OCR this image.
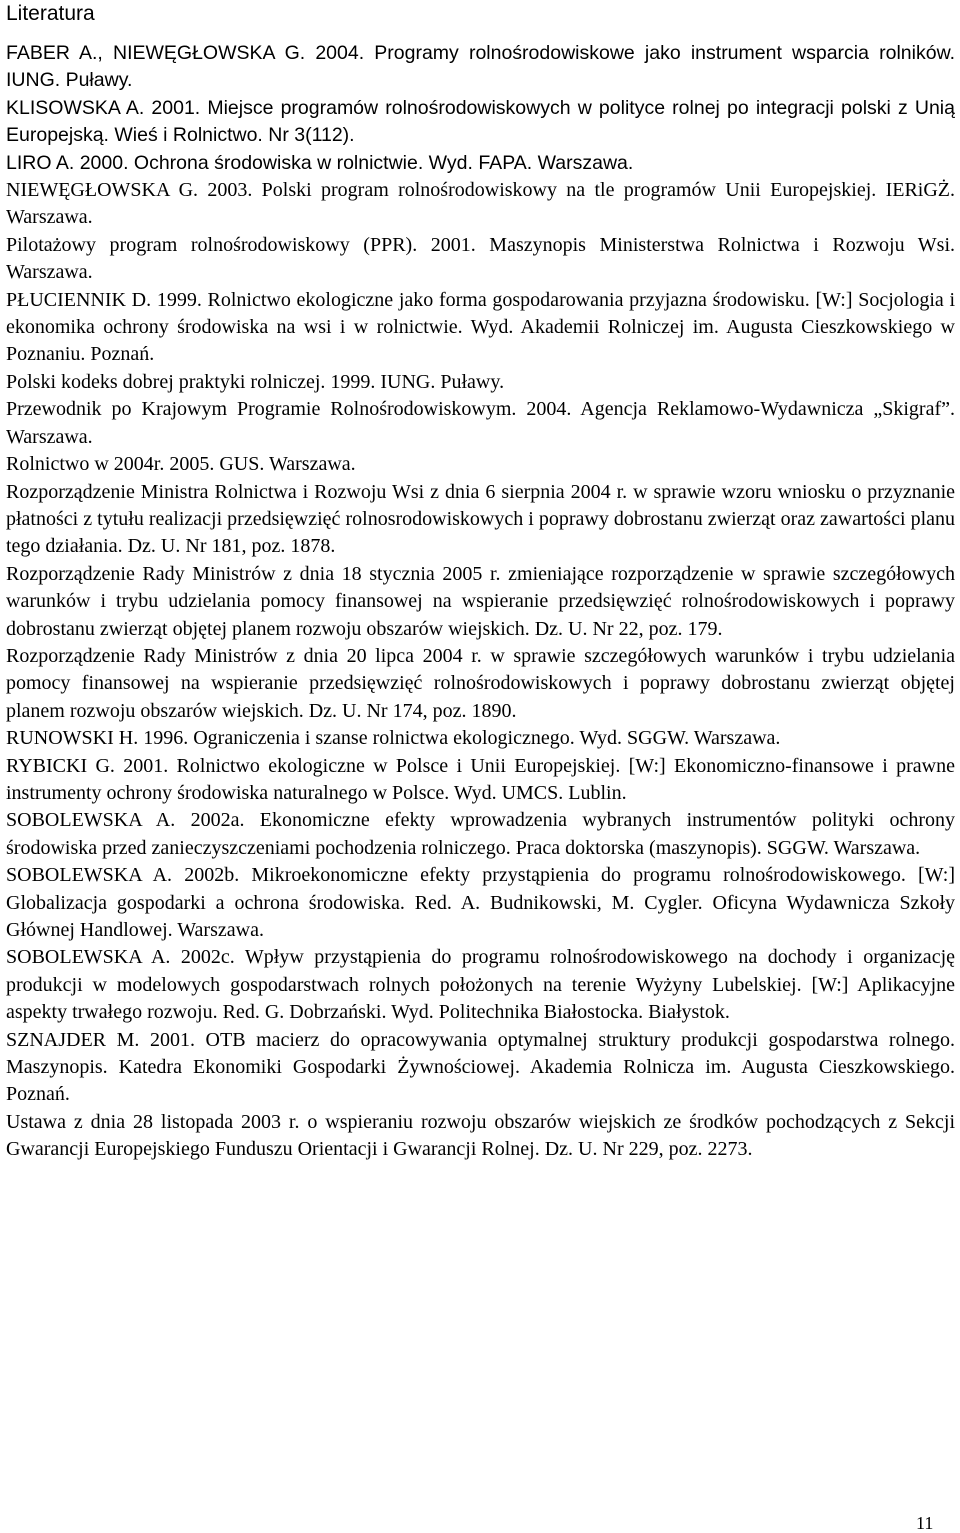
Literatura
FABER A., NIEWĘGŁOWSKA G. 2004. Programy rolnośrodowiskowe jako instrument wsparcia rolników. IUNG. Puławy.
KLISOWSKA A. 2001. Miejsce programów rolnośrodowiskowych w polityce rolnej po integracji polski z Unią Europejską. Wieś i Rolnictwo. Nr 3(112).
LIRO A. 2000. Ochrona środowiska w rolnictwie. Wyd. FAPA. Warszawa.
NIEWĘGŁOWSKA G. 2003. Polski program rolnośrodowiskowy na tle programów Unii Europejskiej. IERiGŻ. Warszawa.
Pilotażowy program rolnośrodowiskowy (PPR). 2001. Maszynopis Ministerstwa Rolnictwa i Rozwoju Wsi. Warszawa.
PŁUCIENNIK D. 1999. Rolnictwo ekologiczne jako forma gospodarowania przyjazna środowisku. [W:] Socjologia i ekonomika ochrony środowiska na wsi i w rolnictwie. Wyd. Akademii Rolniczej im. Augusta Cieszkowskiego w Poznaniu. Poznań.
Polski kodeks dobrej praktyki rolniczej. 1999. IUNG. Puławy.
Przewodnik po Krajowym Programie Rolnośrodowiskowym. 2004. Agencja Reklamowo-Wydawnicza „Skigraf”. Warszawa.
Rolnictwo w 2004r. 2005. GUS. Warszawa.
Rozporządzenie Ministra Rolnictwa i Rozwoju Wsi z dnia 6 sierpnia 2004 r. w sprawie wzoru wniosku o przyznanie płatności z tytułu realizacji przedsięwzięć rolnosrodowiskowych i poprawy dobrostanu zwierząt oraz zawartości planu tego działania. Dz. U. Nr 181, poz. 1878.
Rozporządzenie Rady Ministrów z dnia 18 stycznia 2005 r. zmieniające rozporządzenie w sprawie szczegółowych warunków i trybu udzielania pomocy finansowej na wspieranie przedsięwzięć rolnośrodowiskowych i poprawy dobrostanu zwierząt objętej planem rozwoju obszarów wiejskich. Dz. U. Nr 22, poz. 179.
Rozporządzenie Rady Ministrów z dnia 20 lipca 2004 r. w sprawie szczegółowych warunków i trybu udzielania pomocy finansowej na wspieranie przedsięwzięć rolnośrodowiskowych i poprawy dobrostanu zwierząt objętej planem rozwoju obszarów wiejskich. Dz. U. Nr 174, poz. 1890.
RUNOWSKI H. 1996. Ograniczenia i szanse rolnictwa ekologicznego. Wyd. SGGW. Warszawa.
RYBICKI G. 2001. Rolnictwo ekologiczne w Polsce i Unii Europejskiej. [W:] Ekonomiczno-finansowe i prawne instrumenty ochrony środowiska naturalnego w Polsce. Wyd. UMCS. Lublin.
SOBOLEWSKA A. 2002a. Ekonomiczne efekty wprowadzenia wybranych instrumentów polityki ochrony środowiska przed zanieczyszczeniami pochodzenia rolniczego. Praca doktorska (maszynopis). SGGW. Warszawa.
SOBOLEWSKA A. 2002b. Mikroekonomiczne efekty przystąpienia do programu rolnośrodowiskowego. [W:] Globalizacja gospodarki a ochrona środowiska. Red. A. Budnikowski, M. Cygler. Oficyna Wydawnicza Szkoły Głównej Handlowej. Warszawa.
SOBOLEWSKA A. 2002c. Wpływ przystąpienia do programu rolnośrodowiskowego na dochody i organizację produkcji w modelowych gospodarstwach rolnych położonych na terenie Wyżyny Lubelskiej. [W:] Aplikacyjne aspekty trwałego rozwoju. Red. G. Dobrzański. Wyd. Politechnika Białostocka. Białystok.
SZNAJDER M. 2001. OTB macierz do opracowywania optymalnej struktury produkcji gospodarstwa rolnego. Maszynopis. Katedra Ekonomiki Gospodarki Żywnościowej. Akademia Rolnicza im. Augusta Cieszkowskiego. Poznań.
Ustawa z dnia 28 listopada 2003 r. o wspieraniu rozwoju obszarów wiejskich ze środków pochodzących z Sekcji Gwarancji Europejskiego Funduszu Orientacji i Gwarancji Rolnej. Dz. U. Nr 229, poz. 2273.
11
